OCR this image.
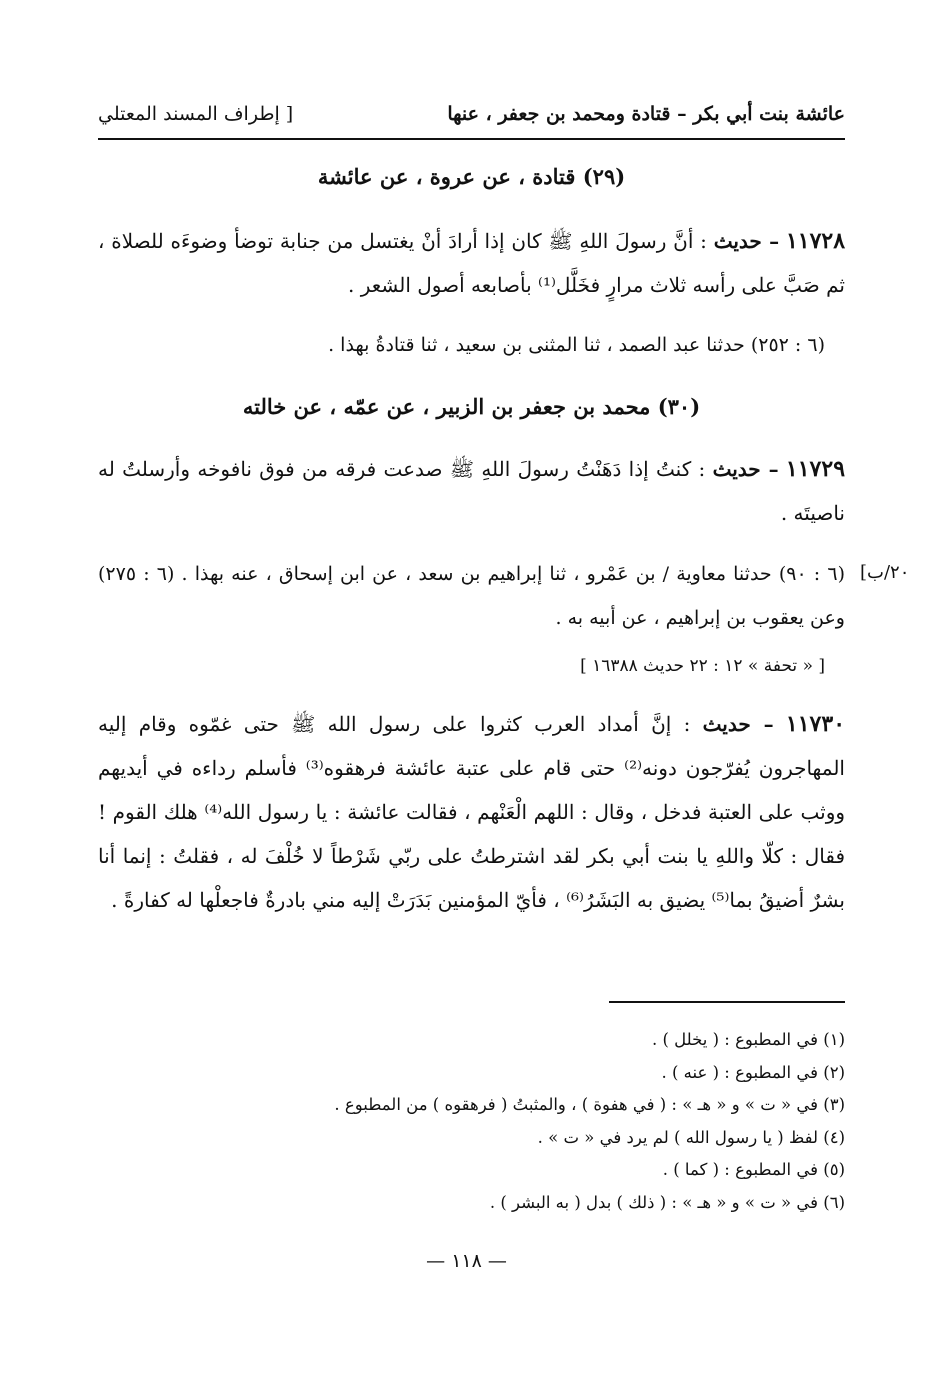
عائشة بنت أبي بكر – قتادة ومحمد بن جعفر ، عنها
[ إطراف المسند المعتلي
(٢٩) قتادة ، عن عروة ، عن عائشة
١١٧٢٨ – حديث : أنَّ رسولَ اللهِ ﷺ كان إذا أرادَ أنْ يغتسل من جنابة توضأ وضوءَه للصلاة ، ثم صَبَّ على رأسه ثلاث مرارٍ فخَلَّل⁽¹⁾ بأصابعه أصول الشعر .
(٦ : ٢٥٢) حدثنا عبد الصمد ، ثنا المثنى بن سعيد ، ثنا قتادةُ بهذا .
(٣٠) محمد بن جعفر بن الزبير ، عن عمّه ، عن خالته
١١٧٢٩ – حديث : كنتُ إذا دَهَنْتُ رسولَ اللهِ ﷺ صدعت فرقه من فوق نافوخه وأرسلتُ له ناصيتَه .
٢٠/ب]
(٦ : ٩٠) حدثنا معاوية / بن عَمْرو ، ثنا إبراهيم بن سعد ، عن ابن إسحاق ، عنه بهذا . (٦ : ٢٧٥) وعن يعقوب بن إبراهيم ، عن أبيه به .
[ « تحفة » ١٢ : ٢٢ حديث ١٦٣٨٨ ]
١١٧٣٠ – حديث : إنَّ أمداد العرب كثروا على رسول الله ﷺ حتى غمّوه وقام إليه المهاجرون يُفرّجون دونه⁽²⁾ حتى قام على عتبة عائشة فرهقوه⁽³⁾ فأسلم رداءه في أيديهم ووثب على العتبة فدخل ، وقال : اللهم الْعَنْهم ، فقالت عائشة : يا رسول الله⁽⁴⁾ هلك القوم ! فقال : كلّا واللهِ يا بنت أبي بكر لقد اشترطتُ على ربّي شَرْطاً لا خُلْفَ له ، فقلتُ : إنما أنا بشرٌ أضيقُ بما⁽⁵⁾ يضيق به البَشَرُ⁽⁶⁾ ، فأيّ المؤمنين بَدَرَتْ إليه مني بادرةٌ فاجعلْها له كفارةً .
(١) في المطبوع : ( يخلل ) .
(٢) في المطبوع : ( عنه ) .
(٣) في « ت » و « هـ » : ( في هفوة ) ، والمثبتُ ( فرهقوه ) من المطبوع .
(٤) لفظ ( يا رسول الله ) لم يرد في « ت » .
(٥) في المطبوع : ( كما ) .
(٦) في « ت » و « هـ » : ( ذلك ) بدل ( به البشر ) .
— ١١٨ —
